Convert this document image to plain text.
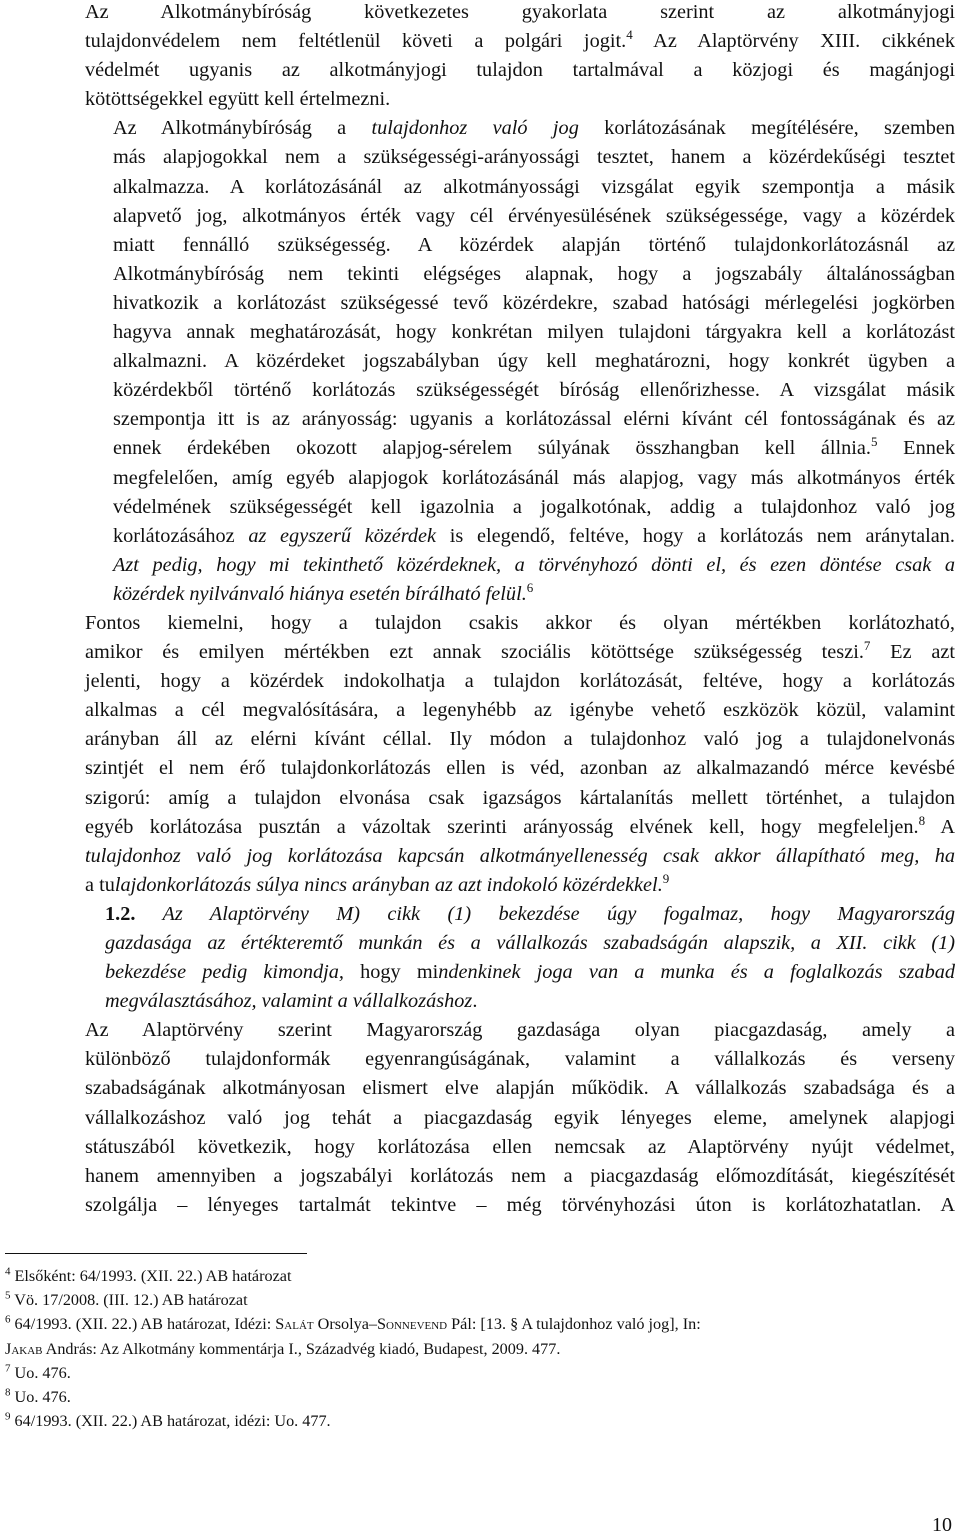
Az Alkotmánybíróság következetes gyakorlata szerint az alkotmányjogi
tulajdonvédelem nem feltétlenül követi a polgári jogit.$^4$ Az Alaptörvény XIII. cikkének
védelmét ugyanis az alkotmányjogi tulajdon tartalmával a közjogi és magánjogi
kötöttségekkel együtt kell értelmezni.

Az Alkotmánybíróság a tulajdonhoz való jog korlátozásának megítélésére, szemben
más alapjogokkal nem a szükségességi-arányossági tesztet, hanem a közérdekűségi tesztet
alkalmazza. A korlátozásánál az alkotmányossági vizsgálat egyik szempontja a másik
alapvető jog, alkotmányos érték vagy cél érvényesülésének szükségessége, vagy a közérdek
miatt fennálló szükségesség. A közérdek alapján történő tulajdonkorlátozásnál az
Alkotmánybíróság nem tekinti elégséges alapnak, hogy a jogszabály általánosságban
hivatkozik a korlátozást szükségessé tevő közérdekre, szabad hatósági mérlegelési jogkörben
hagyva annak meghatározását, hogy konkrétan milyen tulajdoni tárgyakra kell a korlátozást
alkalmazni. A közérdeket jogszabályban úgy kell meghatározni, hogy konkrét ügyben a
közérdekből történő korlátozás szükségességét bíróság ellenőrizhesse. A vizsgálat másik
szempontja itt is az arányosság: ugyanis a korlátozással elérni kívánt cél fontosságának és az
ennek érdekében okozott alapjog-sérelem súlyának összhangban kell állnia.$^5$ Ennek
megfelelően, amíg egyéb alapjogok korlátozásánál más alapjog, vagy más alkotmányos érték
védelmének szükségességét kell igazolnia a jogalkotónak, addig a tulajdonhoz való jog
korlátozásához az egyszerű közérdek is elegendő, feltéve, hogy a korlátozás nem aránytalan.
Azt pedig, hogy mi tekinthető közérdeknek, a törvényhozó dönti el, és ezen döntése csak a
közérdek nyilvánvaló hiánya esetén bírálható felül.$^6$

Fontos kiemelni, hogy a tulajdon csakis akkor és olyan mértékben korlátozható,
amikor és emilyen mértékben ezt annak szociális kötöttsége szükségesség teszi.$^7$ Ez azt
jelenti, hogy a közérdek indokolhatja a tulajdon korlátozását, feltéve, hogy a korlátozás
alkalmas a cél megvalósítására, a legenyhébb az igénybe vehető eszközök közül, valamint
arányban áll az elérni kívánt céllal. Ily módon a tulajdonhoz való jog a tulajdonelvonás
szintjét el nem érő tulajdonkorlátozás ellen is véd, azonban az alkalmazandó mérce kevésbé
szigorú: amíg a tulajdon elvonása csak igazságos kártalanítás mellett történhet, a tulajdon
egyéb korlátozása pusztán a vázoltak szerinti arányosság elvének kell, hogy megfeleljen.$^8$ A
tulajdonhoz való jog korlátozása kapcsán alkotmányellenesség csak akkor állapítható meg, ha
a tulajdonkorlátozás súlya nincs arányban az azt indokoló közérdekkel.$^9$

1.2. Az Alaptörvény M) cikk (1) bekezdése úgy fogalmaz, hogy Magyarország
gazdasága az értékteremtő munkán és a vállalkozás szabadságán alapszik, a XII. cikk (1)
bekezdése pedig kimondja, hogy mindenkinek joga van a munka és a foglalkozás szabad
megválasztásához, valamint a vállalkozáshoz.

Az Alaptörvény szerint Magyarország gazdasága olyan piacgazdaság, amely a
különböző tulajdonformák egyenrangúságának, valamint a vállalkozás és verseny
szabadságának alkotmányosan elismert elve alapján működik. A vállalkozás szabadsága és a
vállalkozáshoz való jog tehát a piacgazdaság egyik lényeges eleme, amelynek alapjogi
státuszából következik, hogy korlátozása ellen nemcsak az Alaptörvény nyújt védelmet,
hanem amennyiben a jogszabályi korlátozás nem a piacgazdaság előmozdítását, kiegészítését
szolgálja – lényeges tartalmát tekintve – még törvényhozási úton is korlátozhatatlan. A

$^4$ Elsőként: 64/1993. (XII. 22.) AB határozat
$^5$ Vö. 17/2008. (III. 12.) AB határozat
$^6$ 64/1993. (XII. 22.) AB határozat, Idézi: Salát Orsolya–Sonnevend Pál: [13. § A tulajdonhoz való jog], In:
Jakab András: Az Alkotmány kommentárja I., Századvég kiadó, Budapest, 2009. 477.
$^7$ Uo. 476.
$^8$ Uo. 476.
$^9$ 64/1993. (XII. 22.) AB határozat, idézi: Uo. 477.
10
